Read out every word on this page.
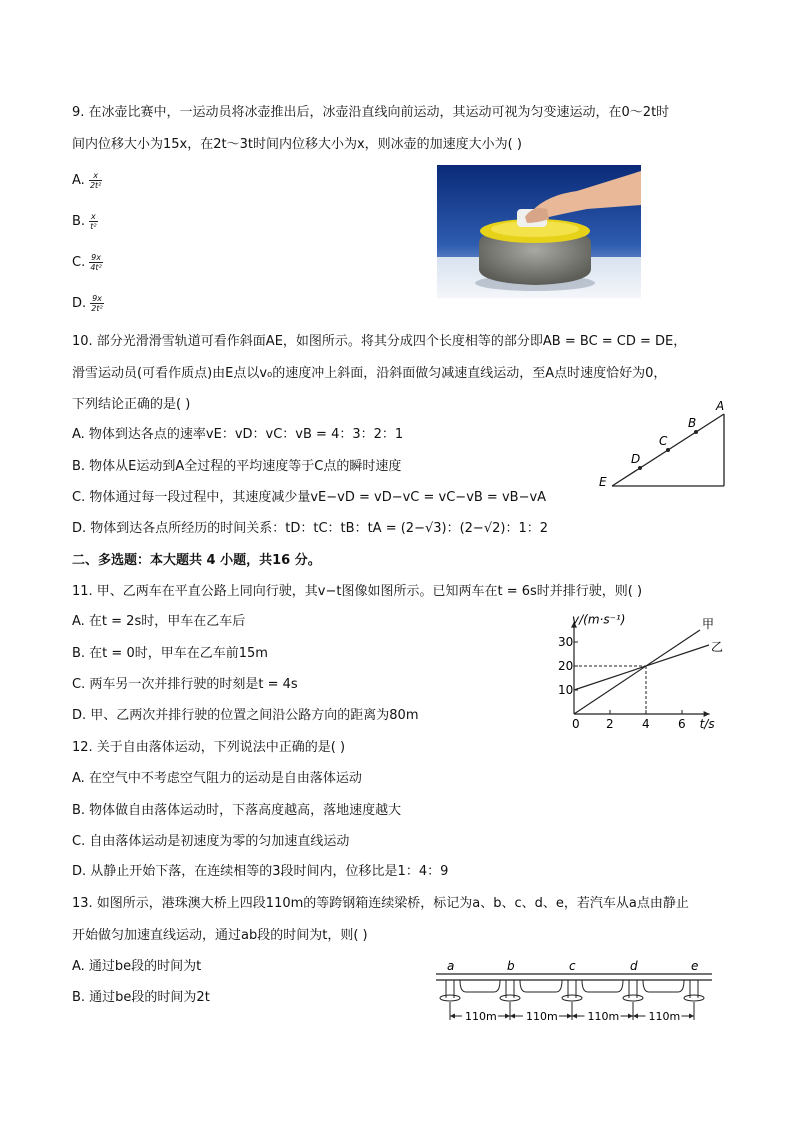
9. 在冰壶比赛中，一运动员将冰壶推出后，冰壶沿直线向前运动，其运动可视为匀变速运动，在0～2t时
间内位移大小为15x，在2t～3t时间内位移大小为x，则冰壶的加速度大小为( )
A. $\frac{x}{\text{2t²}}$
B. $\frac{x}{\text{t²}}$
C. $\frac{9x}{\text{4t²}}$
D. $\frac{9x}{\text{2t²}}$
10. 部分光滑滑雪轨道可看作斜面AE，如图所示。将其分成四个长度相等的部分即AB = BC = CD = DE，
滑雪运动员(可看作质点)由E点以v₀的速度冲上斜面，沿斜面做匀减速直线运动，至A点时速度恰好为0，
下列结论正确的是( )
A. 物体到达各点的速率vE：vD：vC：vB = 4：3：2：1
B. 物体从E运动到A全过程的平均速度等于C点的瞬时速度
C. 物体通过每一段过程中，其速度减少量vE−vD = vD−vC = vC−vB = vB−vA
D. 物体到达各点所经历的时间关系：tD：tC：tB：tA = (2−√3)：(2−√2)：1：2
A
B
C
D
E
二、多选题：本大题共 4 小题，共16 分。
11. 甲、乙两车在平直公路上同向行驶，其v−t图像如图所示。已知两车在t = 6s时并排行驶，则( )
A. 在t = 2s时，甲车在乙车后
B. 在t = 0时，甲车在乙车前15m
C. 两车另一次并排行驶的时刻是t = 4s
D. 甲、乙两次并排行驶的位置之间沿公路方向的距离为80m
0 2 4 6
10
20
30
v/(m·s⁻¹)
t/s
甲
乙
12. 关于自由落体运动，下列说法中正确的是( )
A. 在空气中不考虑空气阻力的运动是自由落体运动
B. 物体做自由落体运动时，下落高度越高，落地速度越大
C. 自由落体运动是初速度为零的匀加速直线运动
D. 从静止开始下落，在连续相等的3段时间内，位移比是1：4：9
13. 如图所示，港珠澳大桥上四段110m的等跨钢箱连续梁桥，标记为a、b、c、d、e，若汽车从a点由静止
开始做匀加速直线运动，通过ab段的时间为t，则( )
A. 通过be段的时间为t
B. 通过be段的时间为2t
a	b	c	d	e
110m	110m	110m	110m
